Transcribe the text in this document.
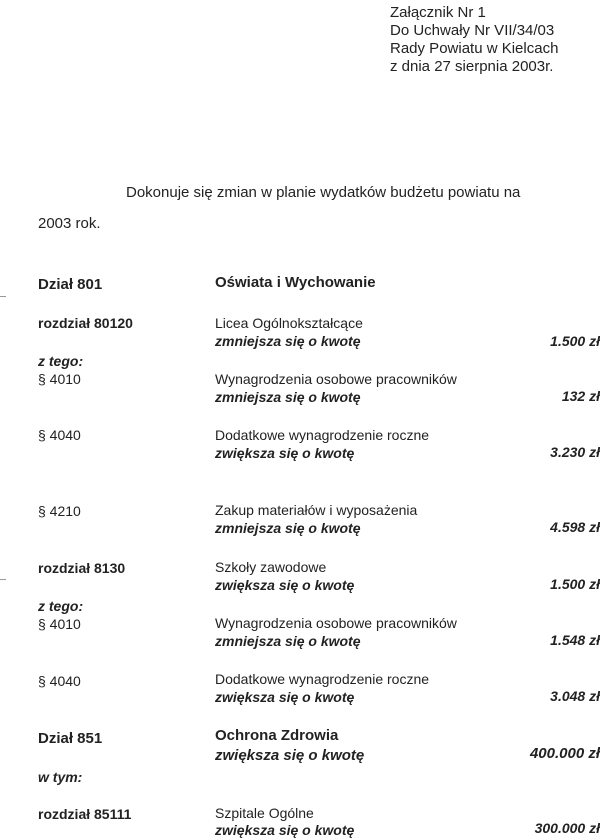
Załącznik Nr 1
Do Uchwały Nr VII/34/03
Rady Powiatu w Kielcach
z dnia 27 sierpnia 2003r.
Dokonuje się zmian w planie wydatków budżetu powiatu na
2003 rok.
Dział 801	Oświata i Wychowanie
rozdział 80120	Licea Ogólnokształcące
zmniejsza się o kwotę	1.500 zł
z tego:
§ 4010	Wynagrodzenia osobowe pracowników
zmniejsza się o kwotę	132 zł
§ 4040	Dodatkowe wynagrodzenie roczne
zwiększa się o kwotę	3.230 zł
§ 4210	Zakup materiałów i wyposażenia
zmniejsza się o kwotę	4.598 zł
rozdział 8130	Szkoły zawodowe
zwiększa się o kwotę	1.500 zł
z tego:
§ 4010	Wynagrodzenia osobowe pracowników
zmniejsza się o kwotę	1.548 zł
§ 4040	Dodatkowe wynagrodzenie roczne
zwiększa się o kwotę	3.048 zł
Dział 851	Ochrona Zdrowia
zwiększa się o kwotę	400.000 zł
w tym:
rozdział 85111	Szpitale Ogólne
zwiększa się o kwotę	300.000 zł
